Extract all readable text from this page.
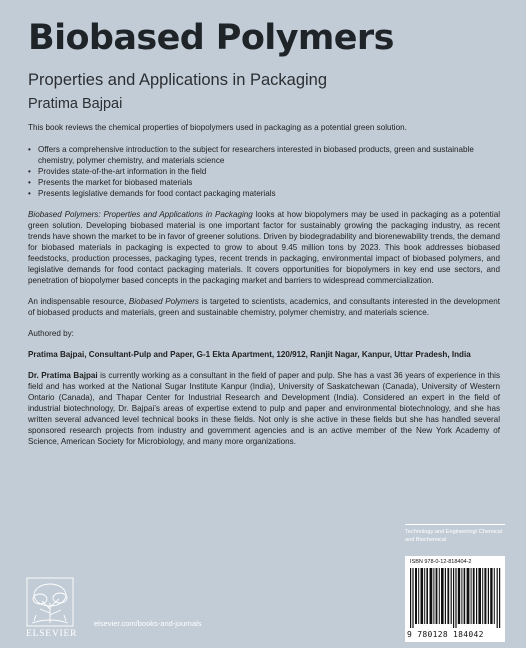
Biobased Polymers
Properties and Applications in Packaging
Pratima Bajpai

This book reviews the chemical properties of biopolymers used in packaging as a potential green solution.

• Offers a comprehensive introduction to the subject for researchers interested in biobased products, green and sustainable chemistry, polymer chemistry, and materials science
• Provides state-of-the-art information in the field
• Presents the market for biobased materials
• Presents legislative demands for food contact packaging materials

Biobased Polymers: Properties and Applications in Packaging looks at how biopolymers may be used in packaging as a potential green solution. Developing biobased material is one important factor for sustainably growing the packaging industry, as recent trends have shown the market to be in favor of greener solutions. Driven by biodegradability and biorenewability trends, the demand for biobased materials in packaging is expected to grow to about 9.45 million tons by 2023. This book addresses biobased feedstocks, production processes, packaging types, recent trends in packaging, environmental impact of biobased polymers, and legislative demands for food contact packaging materials. It covers opportunities for biopolymers in key end use sectors, and penetration of biopolymer based concepts in the packaging market and barriers to widespread commercialization.

An indispensable resource, Biobased Polymers is targeted to scientists, academics, and consultants interested in the development of biobased products and materials, green and sustainable chemistry, polymer chemistry, and materials science.

Authored by:

Pratima Bajpai, Consultant-Pulp and Paper, G-1 Ekta Apartment, 120/912, Ranjit Nagar, Kanpur, Uttar Pradesh, India

Dr. Pratima Bajpai is currently working as a consultant in the field of paper and pulp. She has a vast 36 years of experience in this field and has worked at the National Sugar Institute Kanpur (India), University of Saskatchewan (Canada), University of Western Ontario (Canada), and Thapar Center for Industrial Research and Development (India). Considered an expert in the field of industrial biotechnology, Dr. Bajpai’s areas of expertise extend to pulp and paper and environmental biotechnology, and she has written several advanced level technical books in these fields. Not only is she active in these fields but she has handled several sponsored research projects from industry and government agencies and is an active member of the New York Academy of Science, American Society for Microbiology, and many more organizations.

Technology and Engineering/ Chemical and Biochemical
ISBN 978-0-12-818404-2
9 780128 184042
ELSEVIER
elsevier.com/books-and-journals
